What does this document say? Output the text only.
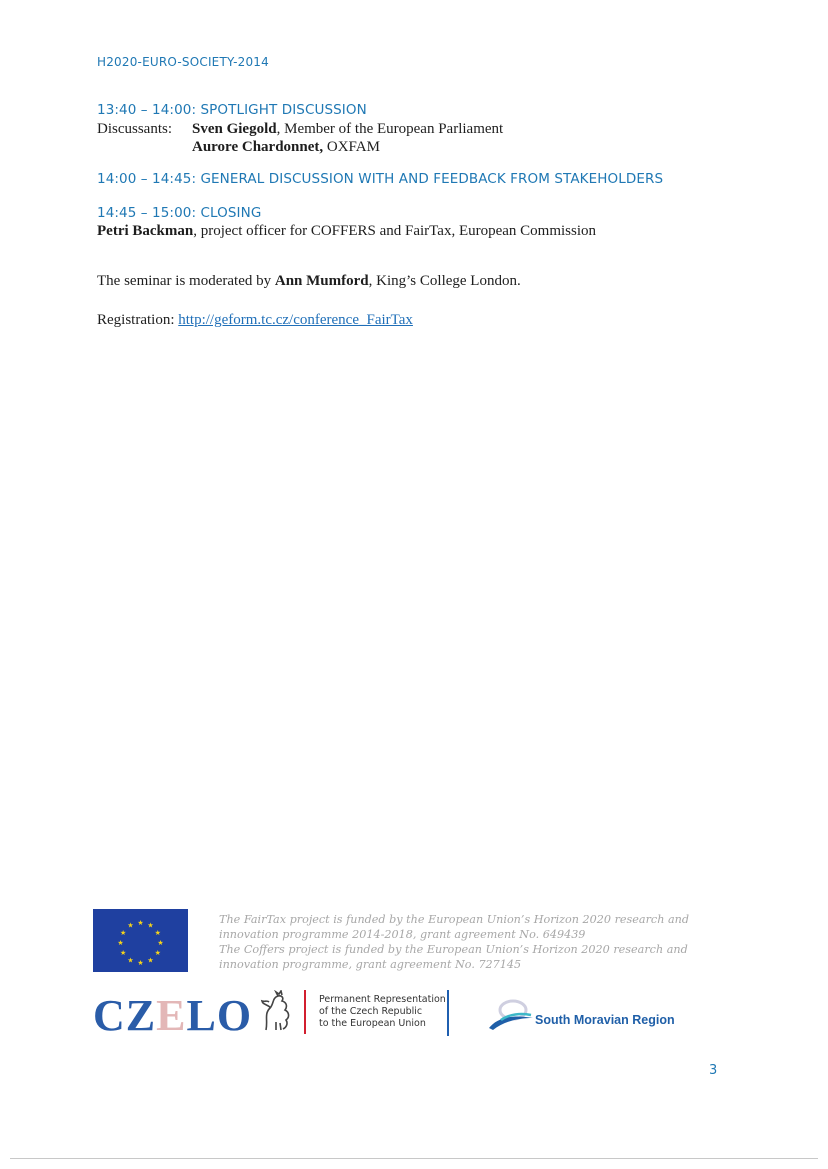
H2020-EURO-SOCIETY-2014
13:40 – 14:00: SPOTLIGHT DISCUSSION
Discussants: Sven Giegold, Member of the European Parliament
Aurore Chardonnet, OXFAM
14:00 – 14:45: GENERAL DISCUSSION WITH AND FEEDBACK FROM STAKEHOLDERS
14:45 – 15:00: CLOSING
Petri Backman, project officer for COFFERS and FairTax, European Commission
The seminar is moderated by Ann Mumford, King’s College London.
Registration: http://geform.tc.cz/conference_FairTax
★ ★
★
★
★
★
★
★
★
★
★
★	The FairTax project is funded by the European Union’s Horizon 2020 research and
innovation programme 2014-2018, grant agreement No. 649439
The Coffers project is funded by the European Union’s Horizon 2020 research and
innovation programme, grant agreement No. 727145
CZELO	Permanent Representation
of the Czech Republic
to the European Union	South Moravian Region
3
